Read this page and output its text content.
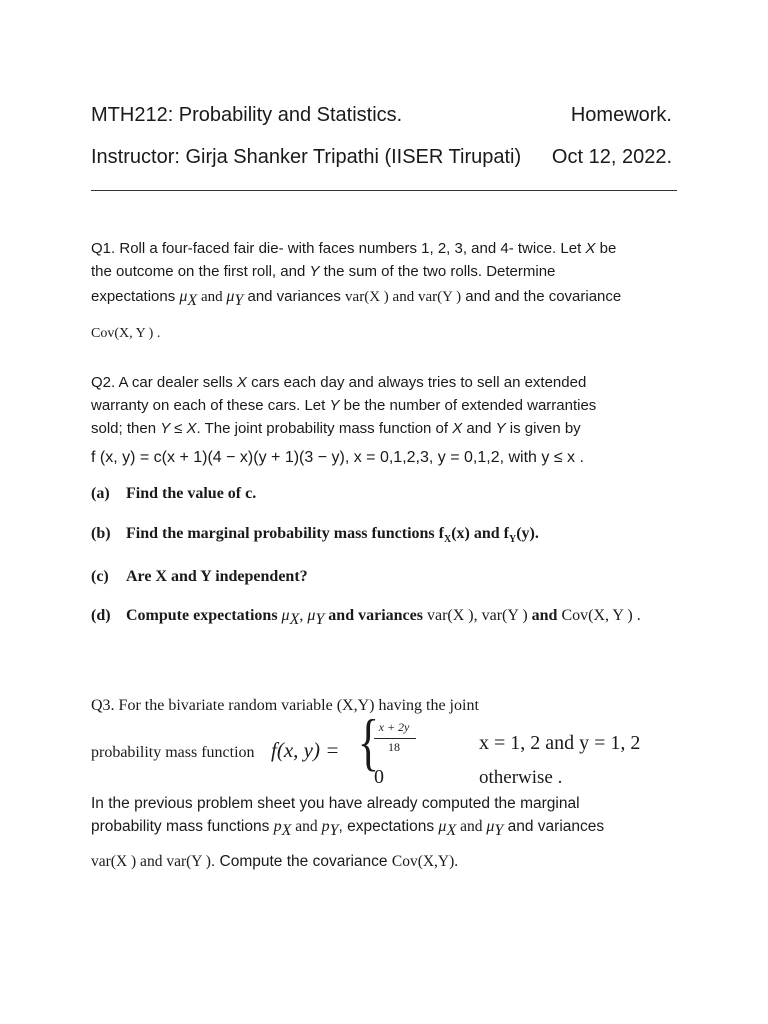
MTH212: Probability and Statistics.	Homework.
Instructor: Girja Shanker Tripathi (IISER Tirupati) Oct 12, 2022.
Q1. Roll a four-faced fair die- with faces numbers 1, 2, 3, and 4- twice. Let X be
the outcome on the first roll, and Y the sum of the two rolls. Determine
expectations μX and μY and variances var(X ) and var(Y ) and and the covariance
Cov(X, Y ) .
Q2. A car dealer sells X cars each day and always tries to sell an extended
warranty on each of these cars. Let Y be the number of extended warranties
sold; then Y ≤ X. The joint probability mass function of X and Y is given by
f (x, y) = c(x + 1)(4 − x)(y + 1)(3 − y), x = 0,1,2,3, y = 0,1,2, with y ≤ x .
(a) Find the value of c.
(b) Find the marginal probability mass functions $f_X(x)$ and $f_Y(y)$.
(c) Are X and Y independent?
(d) Compute expectations μX, μY and variances var(X ), var(Y ) and Cov(X, Y ) .
Q3. For the bivariate random variable (X,Y) having the joint
probability mass function f(x, y) = { x + 2y
18
0
x = 1, 2 and y = 1, 2
otherwise .
In the previous problem sheet you have already computed the marginal
probability mass functions pX and pY, expectations μX and μY and variances
var(X ) and var(Y ). Compute the covariance Cov(X,Y).
